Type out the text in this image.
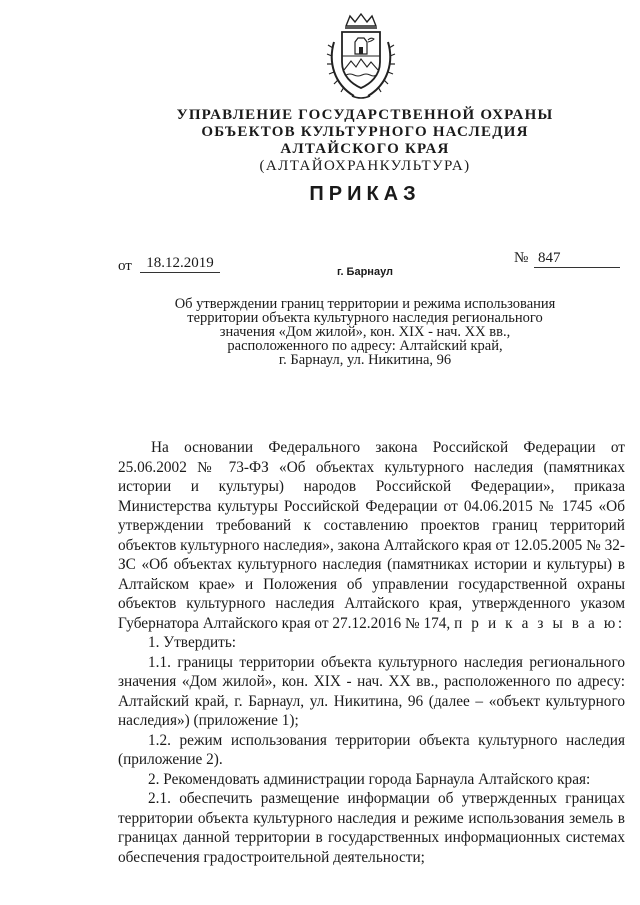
УПРАВЛЕНИЕ ГОСУДАРСТВЕННОЙ ОХРАНЫ
ОБЪЕКТОВ КУЛЬТУРНОГО НАСЛЕДИЯ
АЛТАЙСКОГО КРАЯ
(АЛТАЙОХРАНКУЛЬТУРА)
ПРИКАЗ
от 18.12.2019	№ 847
г. Барнаул
Об утверждении границ территории и режима использования
территории объекта культурного наследия регионального
значения «Дом жилой», кон. XIX - нач. XX вв.,
расположенного по адресу: Алтайский край,
г. Барнаул, ул. Никитина, 96
На основании Федерального закона Российской Федерации от 25.06.2002 № 73-ФЗ «Об объектах культурного наследия (памятниках истории и культуры) народов Российской Федерации», приказа Министерства культуры Российской Федерации от 04.06.2015 № 1745 «Об утверждении требований к составлению проектов границ территорий объектов культурного наследия», закона Алтайского края от 12.05.2005 № 32-ЗС «Об объектах культурного наследия (памятниках истории и культуры) в Алтайском крае» и Положения об управлении государственной охраны объектов культурного наследия Алтайского края, утвержденного указом Губернатора Алтайского края от 27.12.2016 № 174, п р и к а з ы в а ю:
1. Утвердить:
1.1. границы территории объекта культурного наследия регионального значения «Дом жилой», кон. XIX - нач. XX вв., расположенного по адресу: Алтайский край, г. Барнаул, ул. Никитина, 96 (далее – «объект культурного наследия») (приложение 1);
1.2. режим использования территории объекта культурного наследия (приложение 2).
2. Рекомендовать администрации города Барнаула Алтайского края:
2.1. обеспечить размещение информации об утвержденных границах территории объекта культурного наследия и режиме использования земель в границах данной территории в государственных информационных системах обеспечения градостроительной деятельности;
